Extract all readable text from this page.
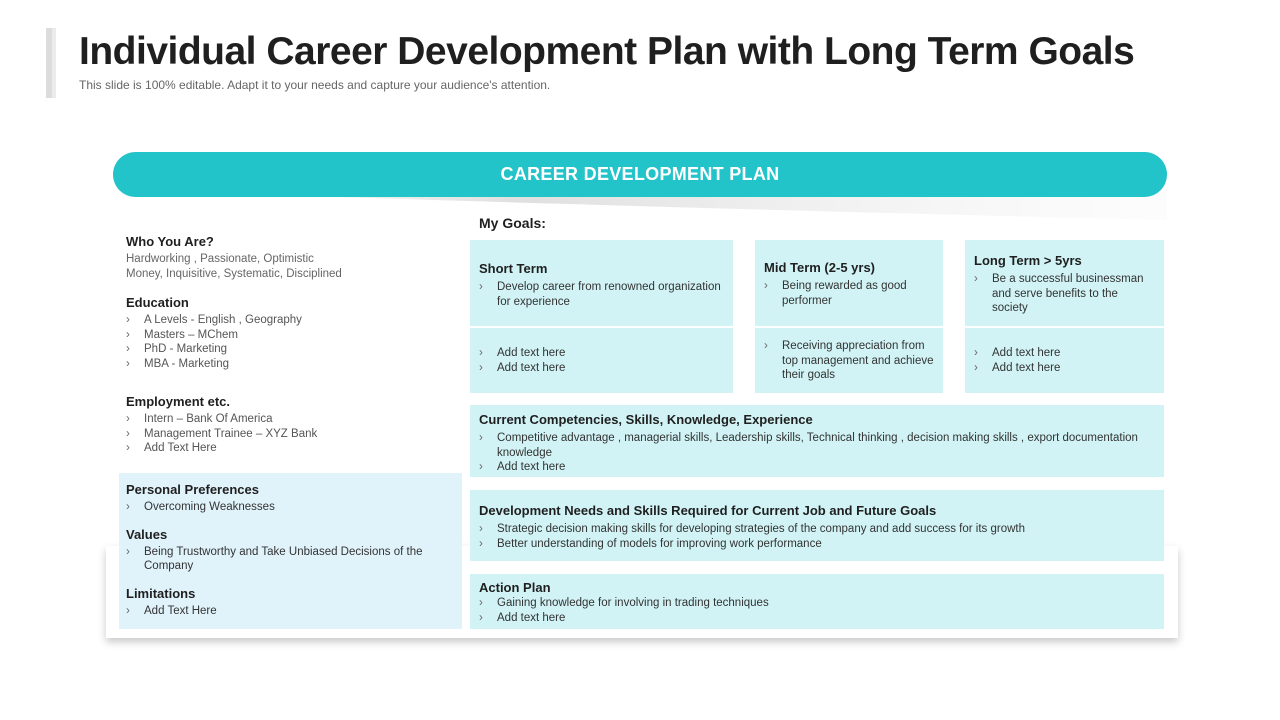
Individual Career Development Plan with Long Term Goals

This slide is 100% editable. Adapt it to your needs and capture your audience's attention.

CAREER DEVELOPMENT PLAN
Who You Are?
Hardworking , Passionate, Optimistic
Money, Inquisitive, Systematic, Disciplined
Education
› A Levels - English , Geography
› Masters – MChem
› PhD - Marketing
› MBA - Marketing
Employment etc.
› Intern – Bank Of America
› Management Trainee – XYZ Bank
› Add Text Here
Personal Preferences
› Overcoming Weaknesses
Values
› Being Trustworthy and Take Unbiased Decisions of the Company
Limitations
› Add Text Here
My Goals:
Short Term
› Develop career from renowned organization for experience
› Add text here
› Add text here
Mid Term (2-5 yrs)
› Being rewarded as good performer
› Receiving appreciation from top management and achieve their goals
Long Term > 5yrs
› Be a successful businessman and serve benefits to the society
› Add text here
› Add text here
Current Competencies, Skills, Knowledge, Experience
› Competitive advantage , managerial skills, Leadership skills, Technical thinking , decision making skills , export documentation knowledge
› Add text here
Development Needs and Skills Required for Current Job and Future Goals
› Strategic decision making skills for developing strategies of the company and add success for its growth
› Better understanding of models for improving work performance
Action Plan
› Gaining knowledge for involving in trading techniques
› Add text here
